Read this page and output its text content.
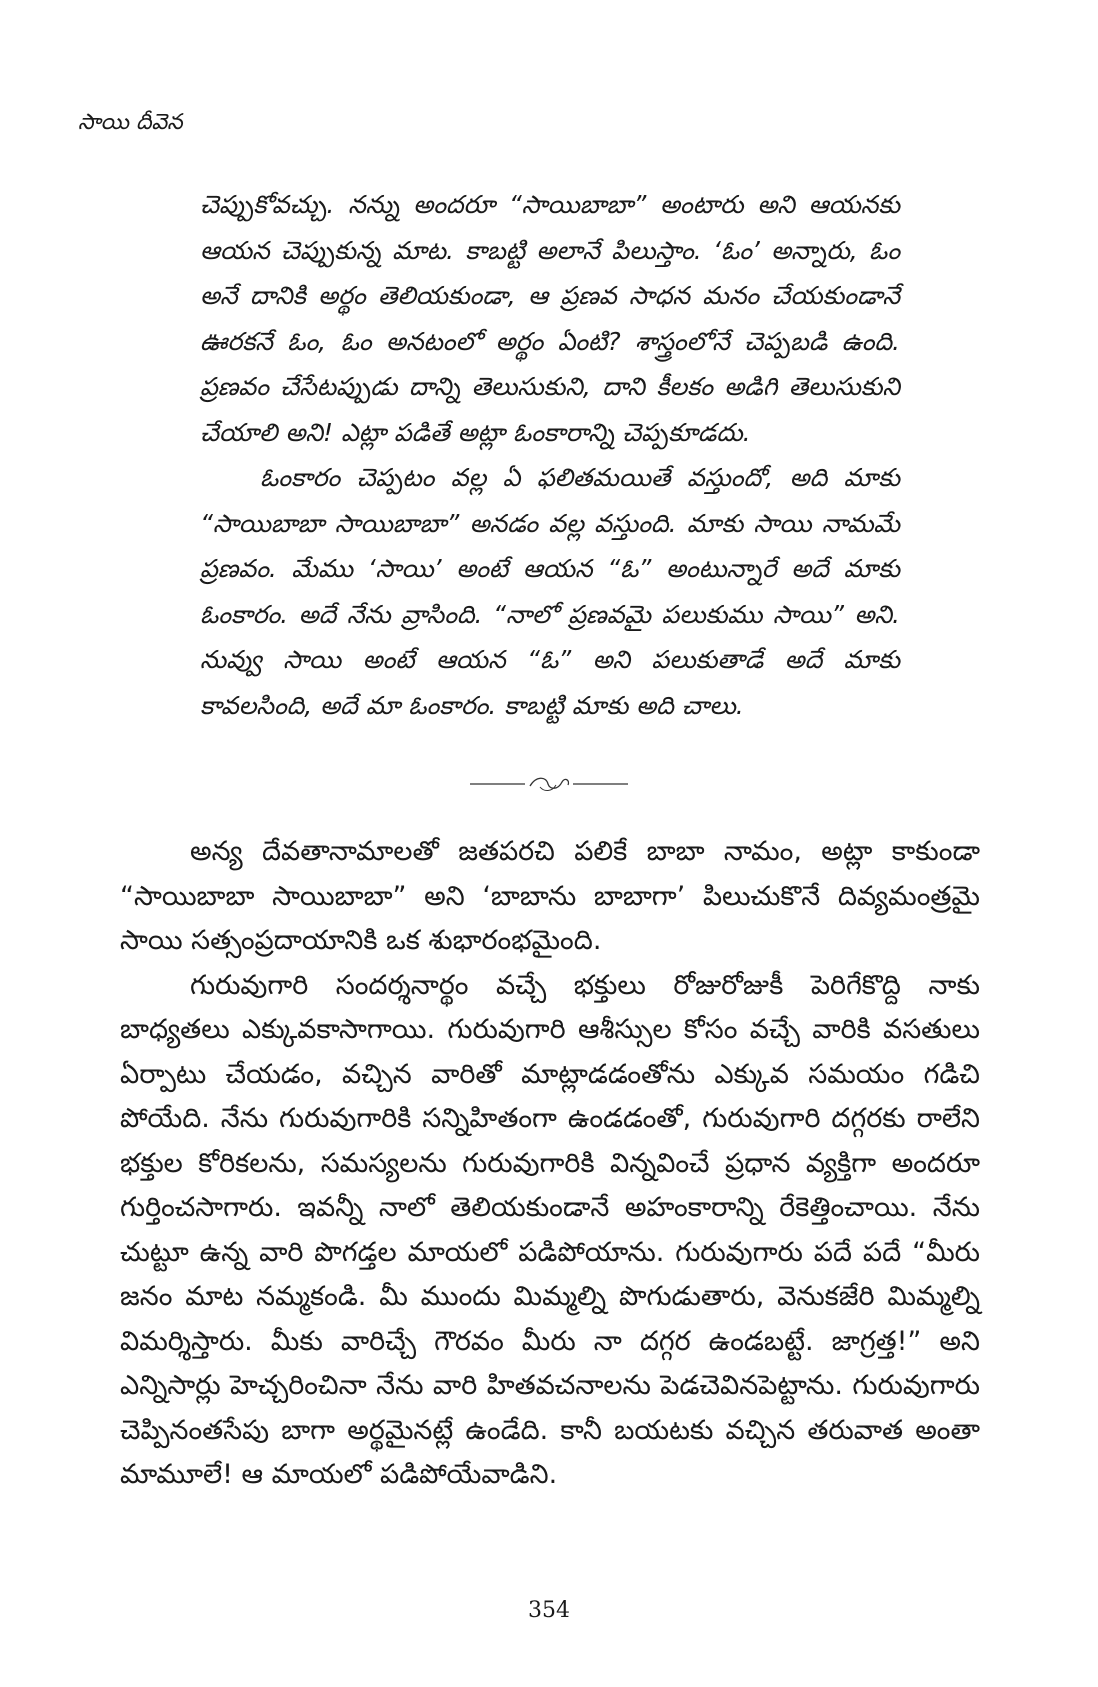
సాయి దీవెన

చెప్పుకోవచ్చు. నన్ను అందరూ “సాయిబాబా” అంటారు అని ఆయనకు ఆయన చెప్పుకున్న మాట. కాబట్టి అలానే పిలుస్తాం. ‘ఓం’ అన్నారు, ఓం అనే దానికి అర్థం తెలియకుండా, ఆ ప్రణవ సాధన మనం చేయకుండానే ఊరకనే ఓం, ఓం అనటంలో అర్థం ఏంటి? శాస్త్రంలోనే చెప్పబడి ఉంది. ప్రణవం చేసేటప్పుడు దాన్ని తెలుసుకుని, దాని కీలకం అడిగి తెలుసుకుని చేయాలి అని! ఎట్లా పడితే అట్లా ఓంకారాన్ని చెప్పకూడదు.

ఓంకారం చెప్పటం వల్ల ఏ ఫలితమయితే వస్తుందో, అది మాకు “సాయిబాబా సాయిబాబా” అనడం వల్ల వస్తుంది. మాకు సాయి నామమే ప్రణవం. మేము ‘సాయి’ అంటే ఆయన “ఓ” అంటున్నారే అదే మాకు ఓంకారం. అదే నేను వ్రాసింది. “నాలో ప్రణవమై పలుకుము సాయి” అని. నువ్వు సాయి అంటే ఆయన “ఓ” అని పలుకుతాడే అదే మాకు కావలసింది, అదే మా ఓంకారం. కాబట్టి మాకు అది చాలు.

అన్య దేవతానామాలతో జతపరచి పలికే బాబా నామం, అట్లా కాకుండా “సాయిబాబా సాయిబాబా” అని ‘బాబాను బాబాగా’ పిలుచుకొనే దివ్యమంత్రమై సాయి సత్సంప్రదాయానికి ఒక శుభారంభమైంది.

గురువుగారి సందర్శనార్థం వచ్చే భక్తులు రోజురోజుకీ పెరిగేకొద్ది నాకు బాధ్యతలు ఎక్కువకాసాగాయి. గురువుగారి ఆశీస్సుల కోసం వచ్చే వారికి వసతులు ఏర్పాటు చేయడం, వచ్చిన వారితో మాట్లాడడంతోను ఎక్కువ సమయం గడిచి పోయేది. నేను గురువుగారికి సన్నిహితంగా ఉండడంతో, గురువుగారి దగ్గరకు రాలేని భక్తుల కోరికలను, సమస్యలను గురువుగారికి విన్నవించే ప్రధాన వ్యక్తిగా అందరూ గుర్తించసాగారు. ఇవన్నీ నాలో తెలియకుండానే అహంకారాన్ని రేకెత్తించాయి. నేను చుట్టూ ఉన్న వారి పొగడ్తల మాయలో పడిపోయాను. గురువుగారు పదే పదే “మీరు జనం మాట నమ్మకండి. మీ ముందు మిమ్మల్ని పొగుడుతారు, వెనుకజేరి మిమ్మల్ని విమర్శిస్తారు. మీకు వారిచ్చే గౌరవం మీరు నా దగ్గర ఉండబట్టే. జాగ్రత్త!” అని ఎన్నిసార్లు హెచ్చరించినా నేను వారి హితవచనాలను పెడచెవినపెట్టాను. గురువుగారు చెప్పినంతసేపు బాగా అర్థమైనట్లే ఉండేది. కానీ బయటకు వచ్చిన తరువాత అంతా మామూలే! ఆ మాయలో పడిపోయేవాడిని.

354
